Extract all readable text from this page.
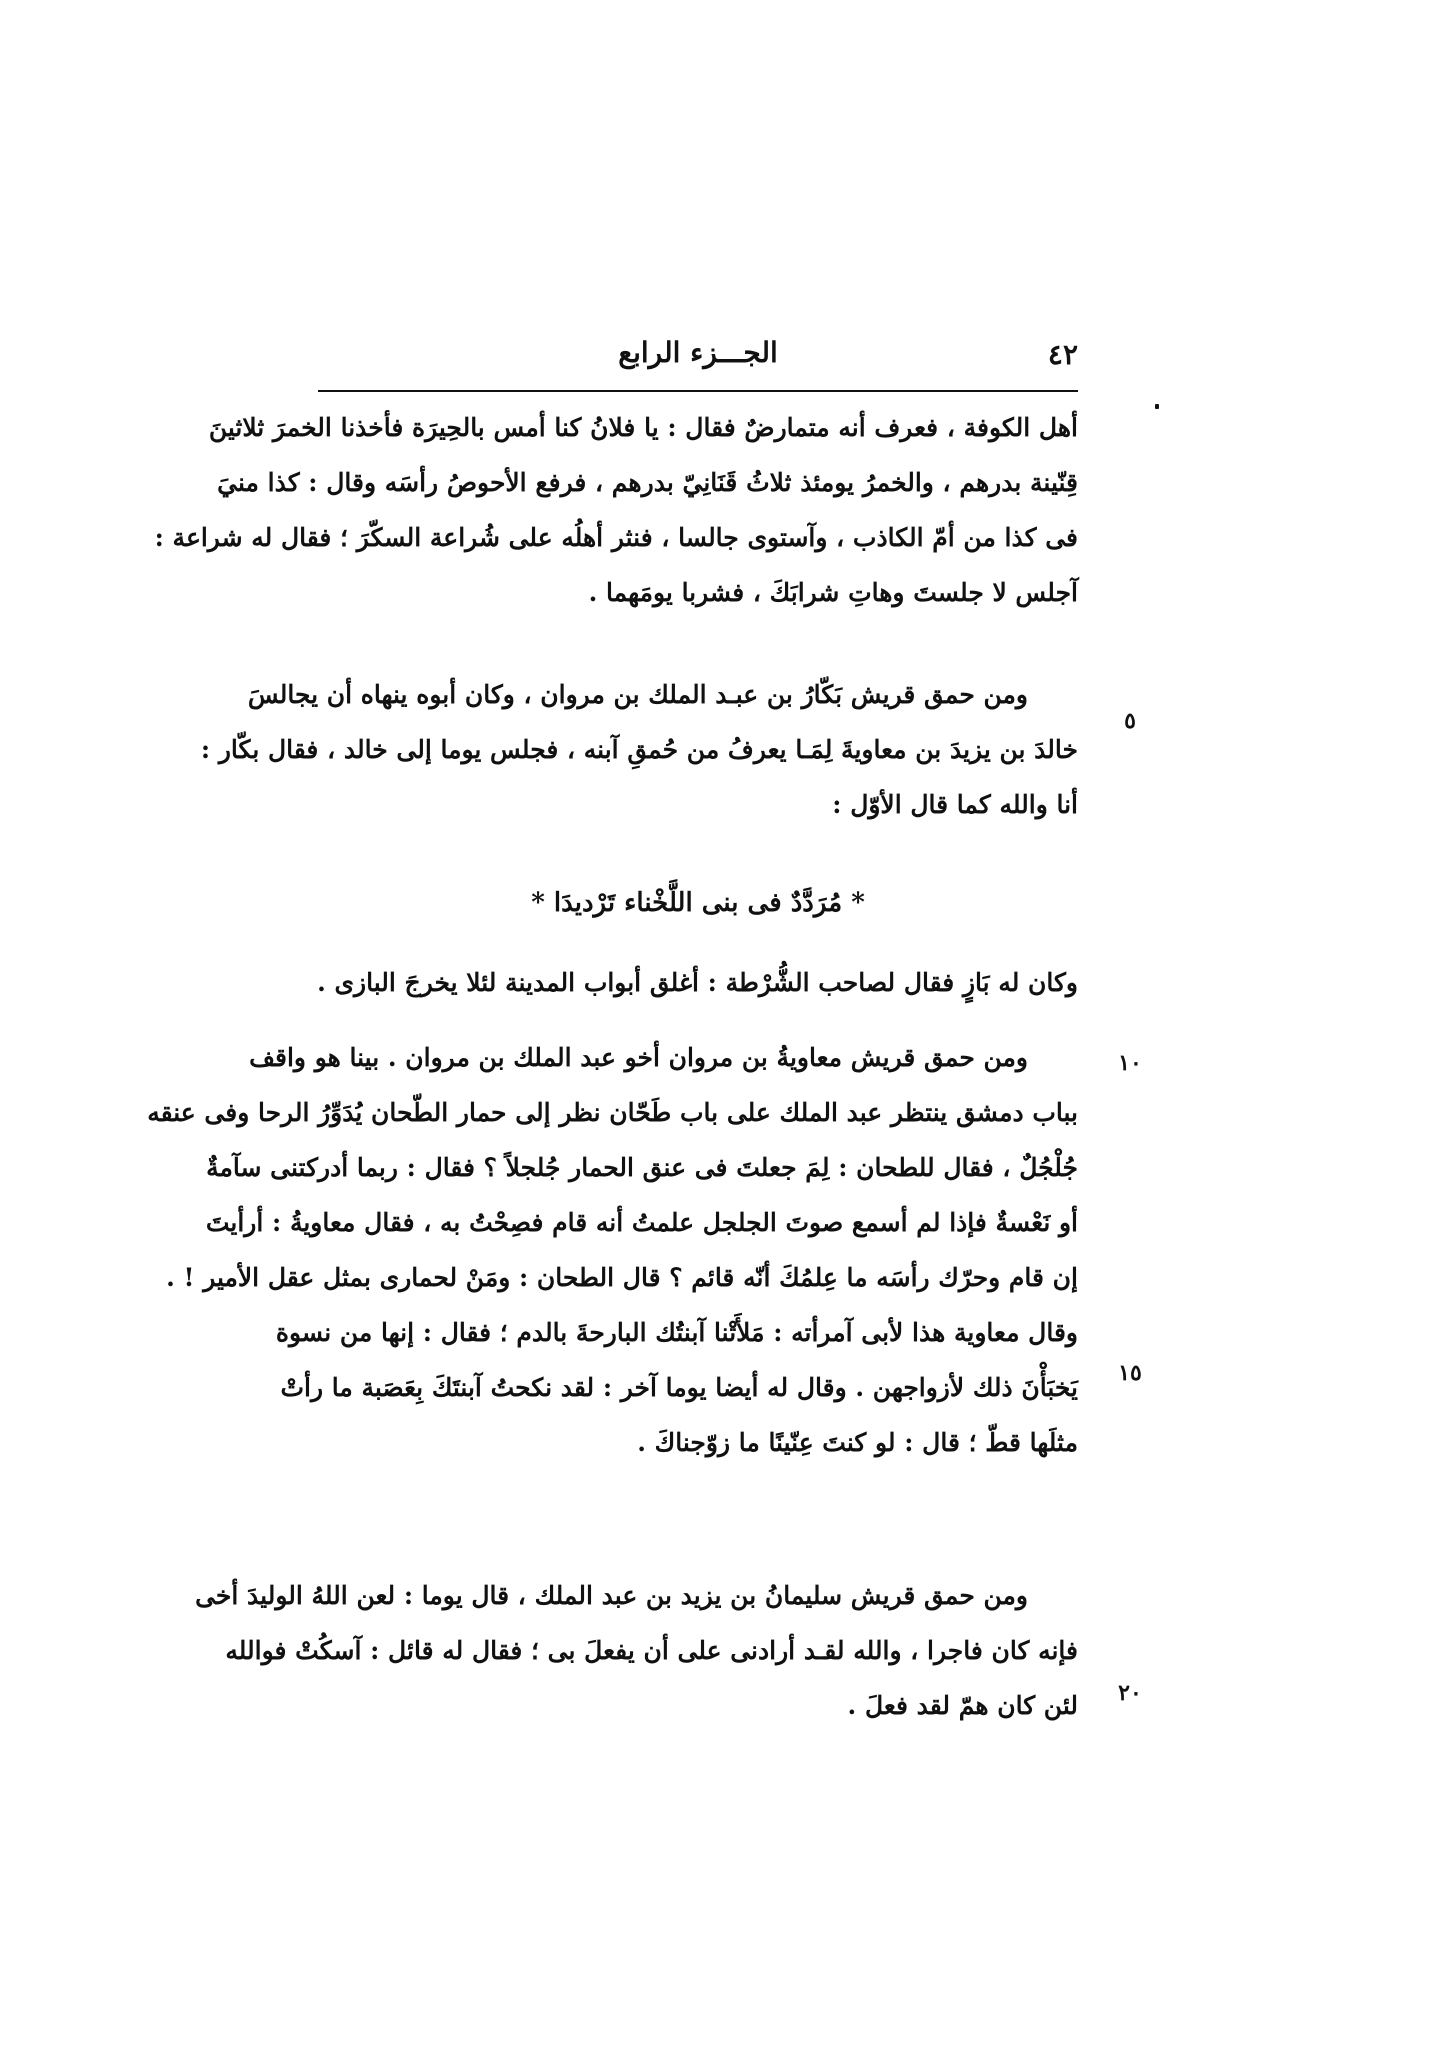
الجـــزء الرابع	٤٢
أهل الكوفة ، فعرف أنه متمارضٌ فقال : يا فلانُ كنا أمس بالحِيرَة فأخذنا الخمرَ ثلاثينَ
قِنّينة بدرهم ، والخمرُ يومئذ ثلاثُ قَنَانِيّ بدرهم ، فرفع الأحوصُ رأسَه وقال : كذا منيَ
فى كذا من أمّ الكاذب ، وآستوى جالسا ، فنثر أهلُه على شُراعة السكّرَ ؛ فقال له شراعة :
آجلس لا جلستَ وهاتِ شرابَكَ ، فشربا يومَهما .
ومن حمق قريش بَكّارُ بن عبـد الملك بن مروان ، وكان أبوه ينهاه أن يجالسَ
خالدَ بن يزيدَ بن معاويةَ لِمَـا يعرفُ من حُمقِ آبنه ، فجلس يوما إلى خالد ، فقال بكّار :
أنا والله كما قال الأوّل :
* مُرَدَّدٌ فى بنى اللَّخْناء تَرْديدَا *
وكان له بَازٍ فقال لصاحب الشُّرْطة : أغلق أبواب المدينة لئلا يخرجَ البازى .
ومن حمق قريش معاويةُ بن مروان أخو عبد الملك بن مروان . بينا هو واقف
بباب دمشق ينتظر عبد الملك على باب طَحّان نظر إلى حمار الطّحان يُدَوِّرُ الرحا وفى عنقه
جُلْجُلٌ ، فقال للطحان : لِمَ جعلتَ فى عنق الحمار جُلجلاً ؟ فقال : ربما أدركتنى سآمةٌ
أو نَعْسةٌ فإذا لم أسمع صوتَ الجلجل علمتُ أنه قام فصِحْتُ به ، فقال معاويةُ : أرأيتَ
إن قام وحرّك رأسَه ما عِلمُكَ أنّه قائم ؟ قال الطحان : ومَنْ لحمارى بمثل عقل الأمير ! .
وقال معاوية هذا لأبى آمرأته : مَلأَتْنا آبنتُك البارحةَ بالدم ؛ فقال : إنها من نسوة
يَخبَأْنَ ذلك لأزواجهن . وقال له أيضا يوما آخر : لقد نكحتُ آبنتَكَ بِعَصَبة ما رأتْ
مثلَها قطّ ؛ قال : لو كنتَ عِنّينًا ما زوّجناكَ .
ومن حمق قريش سليمانُ بن يزيد بن عبد الملك ، قال يوما : لعن اللهُ الوليدَ أخى
فإنه كان فاجرا ، والله لقـد أرادنى على أن يفعلَ بى ؛ فقال له قائل : آسكُتْ فوالله
لئن كان همّ لقد فعلَ .
٥
١٠
١٥
٢٠
